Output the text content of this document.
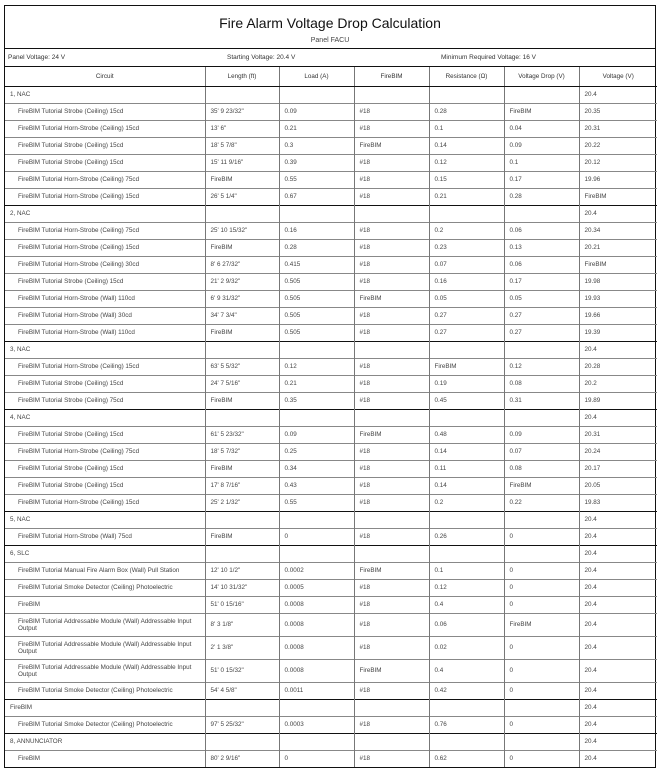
Fire Alarm Voltage Drop Calculation
Panel FACU
Panel Voltage: 24 V	Starting Voltage: 20.4 V	Minimum Required Voltage: 16 V
Circuit	Length (ft)	Load (A)	FireBIM	Resistance (Ω)	Voltage Drop (V)	Voltage (V)
1, NAC						20.4
FireBIM Tutorial Strobe (Ceiling) 15cd	35' 9 23/32"	0.09	#18	0.28	FireBIM	20.35
FireBIM Tutorial Horn-Strobe (Ceiling) 15cd	13' 6"	0.21	#18	0.1	0.04	20.31
FireBIM Tutorial Strobe (Ceiling) 15cd	18' 5 7/8"	0.3	FireBIM	0.14	0.09	20.22
FireBIM Tutorial Strobe (Ceiling) 15cd	15' 11 9/16"	0.39	#18	0.12	0.1	20.12
FireBIM Tutorial Horn-Strobe (Ceiling) 75cd	FireBIM	0.55	#18	0.15	0.17	19.96
FireBIM Tutorial Horn-Strobe (Ceiling) 15cd	26' 5 1/4"	0.67	#18	0.21	0.28	FireBIM
2, NAC						20.4
FireBIM Tutorial Horn-Strobe (Ceiling) 75cd	25' 10 15/32"	0.16	#18	0.2	0.06	20.34
FireBIM Tutorial Horn-Strobe (Ceiling) 15cd	FireBIM	0.28	#18	0.23	0.13	20.21
FireBIM Tutorial Horn-Strobe (Ceiling) 30cd	8' 6 27/32"	0.415	#18	0.07	0.06	FireBIM
FireBIM Tutorial Strobe (Ceiling) 15cd	21' 2 9/32"	0.505	#18	0.16	0.17	19.98
FireBIM Tutorial Horn-Strobe (Wall) 110cd	6' 9 31/32"	0.505	FireBIM	0.05	0.05	19.93
FireBIM Tutorial Horn-Strobe (Wall) 30cd	34' 7 3/4"	0.505	#18	0.27	0.27	19.66
FireBIM Tutorial Horn-Strobe (Wall) 110cd	FireBIM	0.505	#18	0.27	0.27	19.39
3, NAC						20.4
FireBIM Tutorial Horn-Strobe (Ceiling) 15cd	63' 5 5/32"	0.12	#18	FireBIM	0.12	20.28
FireBIM Tutorial Strobe (Ceiling) 15cd	24' 7 5/16"	0.21	#18	0.19	0.08	20.2
FireBIM Tutorial Strobe (Ceiling) 75cd	FireBIM	0.35	#18	0.45	0.31	19.89
4, NAC						20.4
FireBIM Tutorial Strobe (Ceiling) 15cd	61' 5 23/32"	0.09	FireBIM	0.48	0.09	20.31
FireBIM Tutorial Horn-Strobe (Ceiling) 75cd	18' 5 7/32"	0.25	#18	0.14	0.07	20.24
FireBIM Tutorial Strobe (Ceiling) 15cd	FireBIM	0.34	#18	0.11	0.08	20.17
FireBIM Tutorial Strobe (Ceiling) 15cd	17' 8 7/16"	0.43	#18	0.14	FireBIM	20.05
FireBIM Tutorial Horn-Strobe (Ceiling) 15cd	25' 2 1/32"	0.55	#18	0.2	0.22	19.83
5, NAC						20.4
FireBIM Tutorial Horn-Strobe (Wall) 75cd	FireBIM	0	#18	0.26	0	20.4
6, SLC						20.4
FireBIM Tutorial Manual Fire Alarm Box (Wall) Pull Station	12' 10 1/2"	0.0002	FireBIM	0.1	0	20.4
FireBIM Tutorial Smoke Detector (Ceiling) Photoelectric	14' 10 31/32"	0.0005	#18	0.12	0	20.4
FireBIM	51' 0 15/16"	0.0008	#18	0.4	0	20.4
FireBIM Tutorial Addressable Module (Wall) Addressable Input Output	8' 3 1/8"	0.0008	#18	0.06	FireBIM	20.4
FireBIM Tutorial Addressable Module (Wall) Addressable Input Output	2' 1 3/8"	0.0008	#18	0.02	0	20.4
FireBIM Tutorial Addressable Module (Wall) Addressable Input Output	51' 0 15/32"	0.0008	FireBIM	0.4	0	20.4
FireBIM Tutorial Smoke Detector (Ceiling) Photoelectric	54' 4 5/8"	0.0011	#18	0.42	0	20.4
FireBIM						20.4
FireBIM Tutorial Smoke Detector (Ceiling) Photoelectric	97' 5 25/32"	0.0003	#18	0.76	0	20.4
8, ANNUNCIATOR						20.4
FireBIM	80' 2 9/16"	0	#18	0.62	0	20.4
